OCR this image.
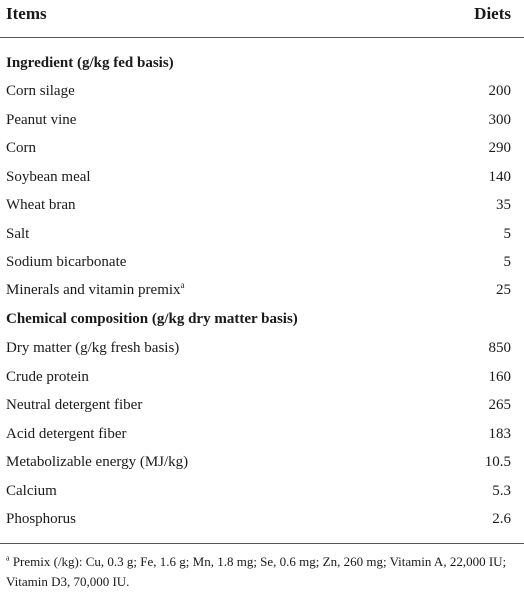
Items	Diets
Ingredient (g/kg fed basis)
Corn silage	200
Peanut vine	300
Corn	290
Soybean meal	140
Wheat bran	35
Salt	5
Sodium bicarbonate	5
Minerals and vitamin premix$^a$	25
Chemical composition (g/kg dry matter basis)
Dry matter (g/kg fresh basis)	850
Crude protein	160
Neutral detergent fiber	265
Acid detergent fiber	183
Metabolizable energy (MJ/kg)	10.5
Calcium	5.3
Phosphorus	2.6
$^a$ Premix (/kg): Cu, 0.3 g; Fe, 1.6 g; Mn, 1.8 mg; Se, 0.6 mg; Zn, 260 mg; Vitamin A, 22,000 IU; Vitamin D3, 70,000 IU.
